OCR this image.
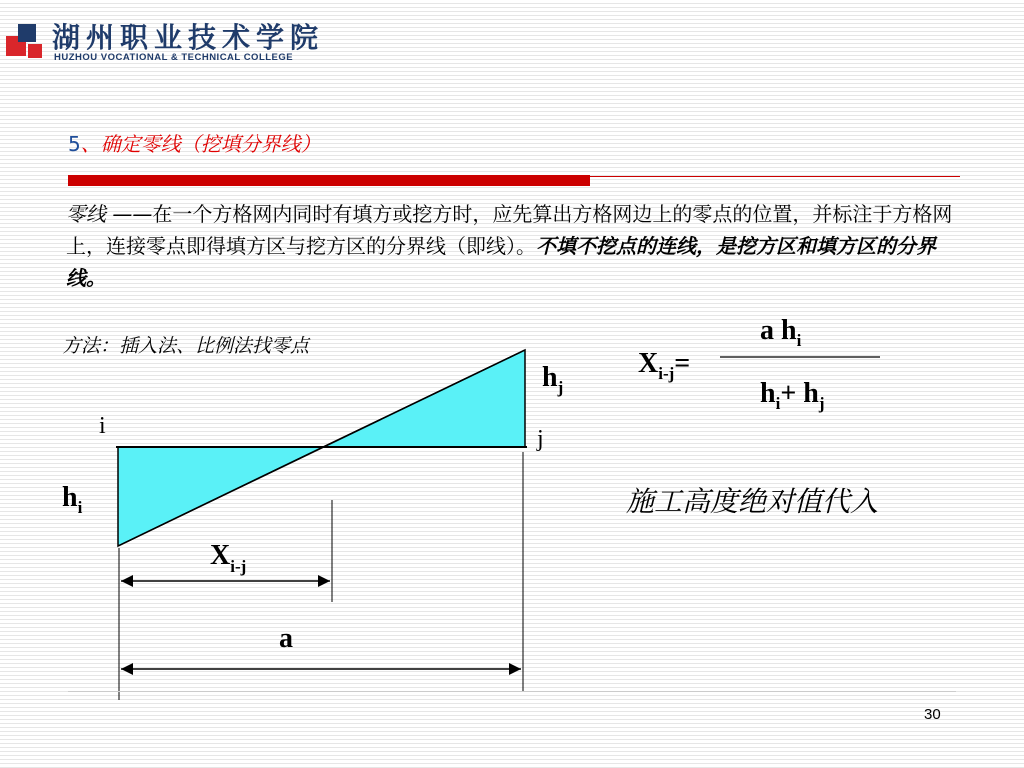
湖州职业技术学院
HUZHOU VOCATIONAL & TECHNICAL COLLEGE
5、确定零线（挖填分界线）
零线 ——在一个方格网内同时有填方或挖方时，应先算出方格网边上的零点的位置，并标注于方格网上，连接零点即得填方区与挖方区的分界线（即线）。不填不挖点的连线，是挖方区和填方区的分界线。
方法：插入法、比例法找零点
i	j
$h_i$
$h_j$
$X_{i-j}$
a
$X_{i-j}=$
a $h_i$
$h_i+ h_j$
施工高度绝对值代入
30
